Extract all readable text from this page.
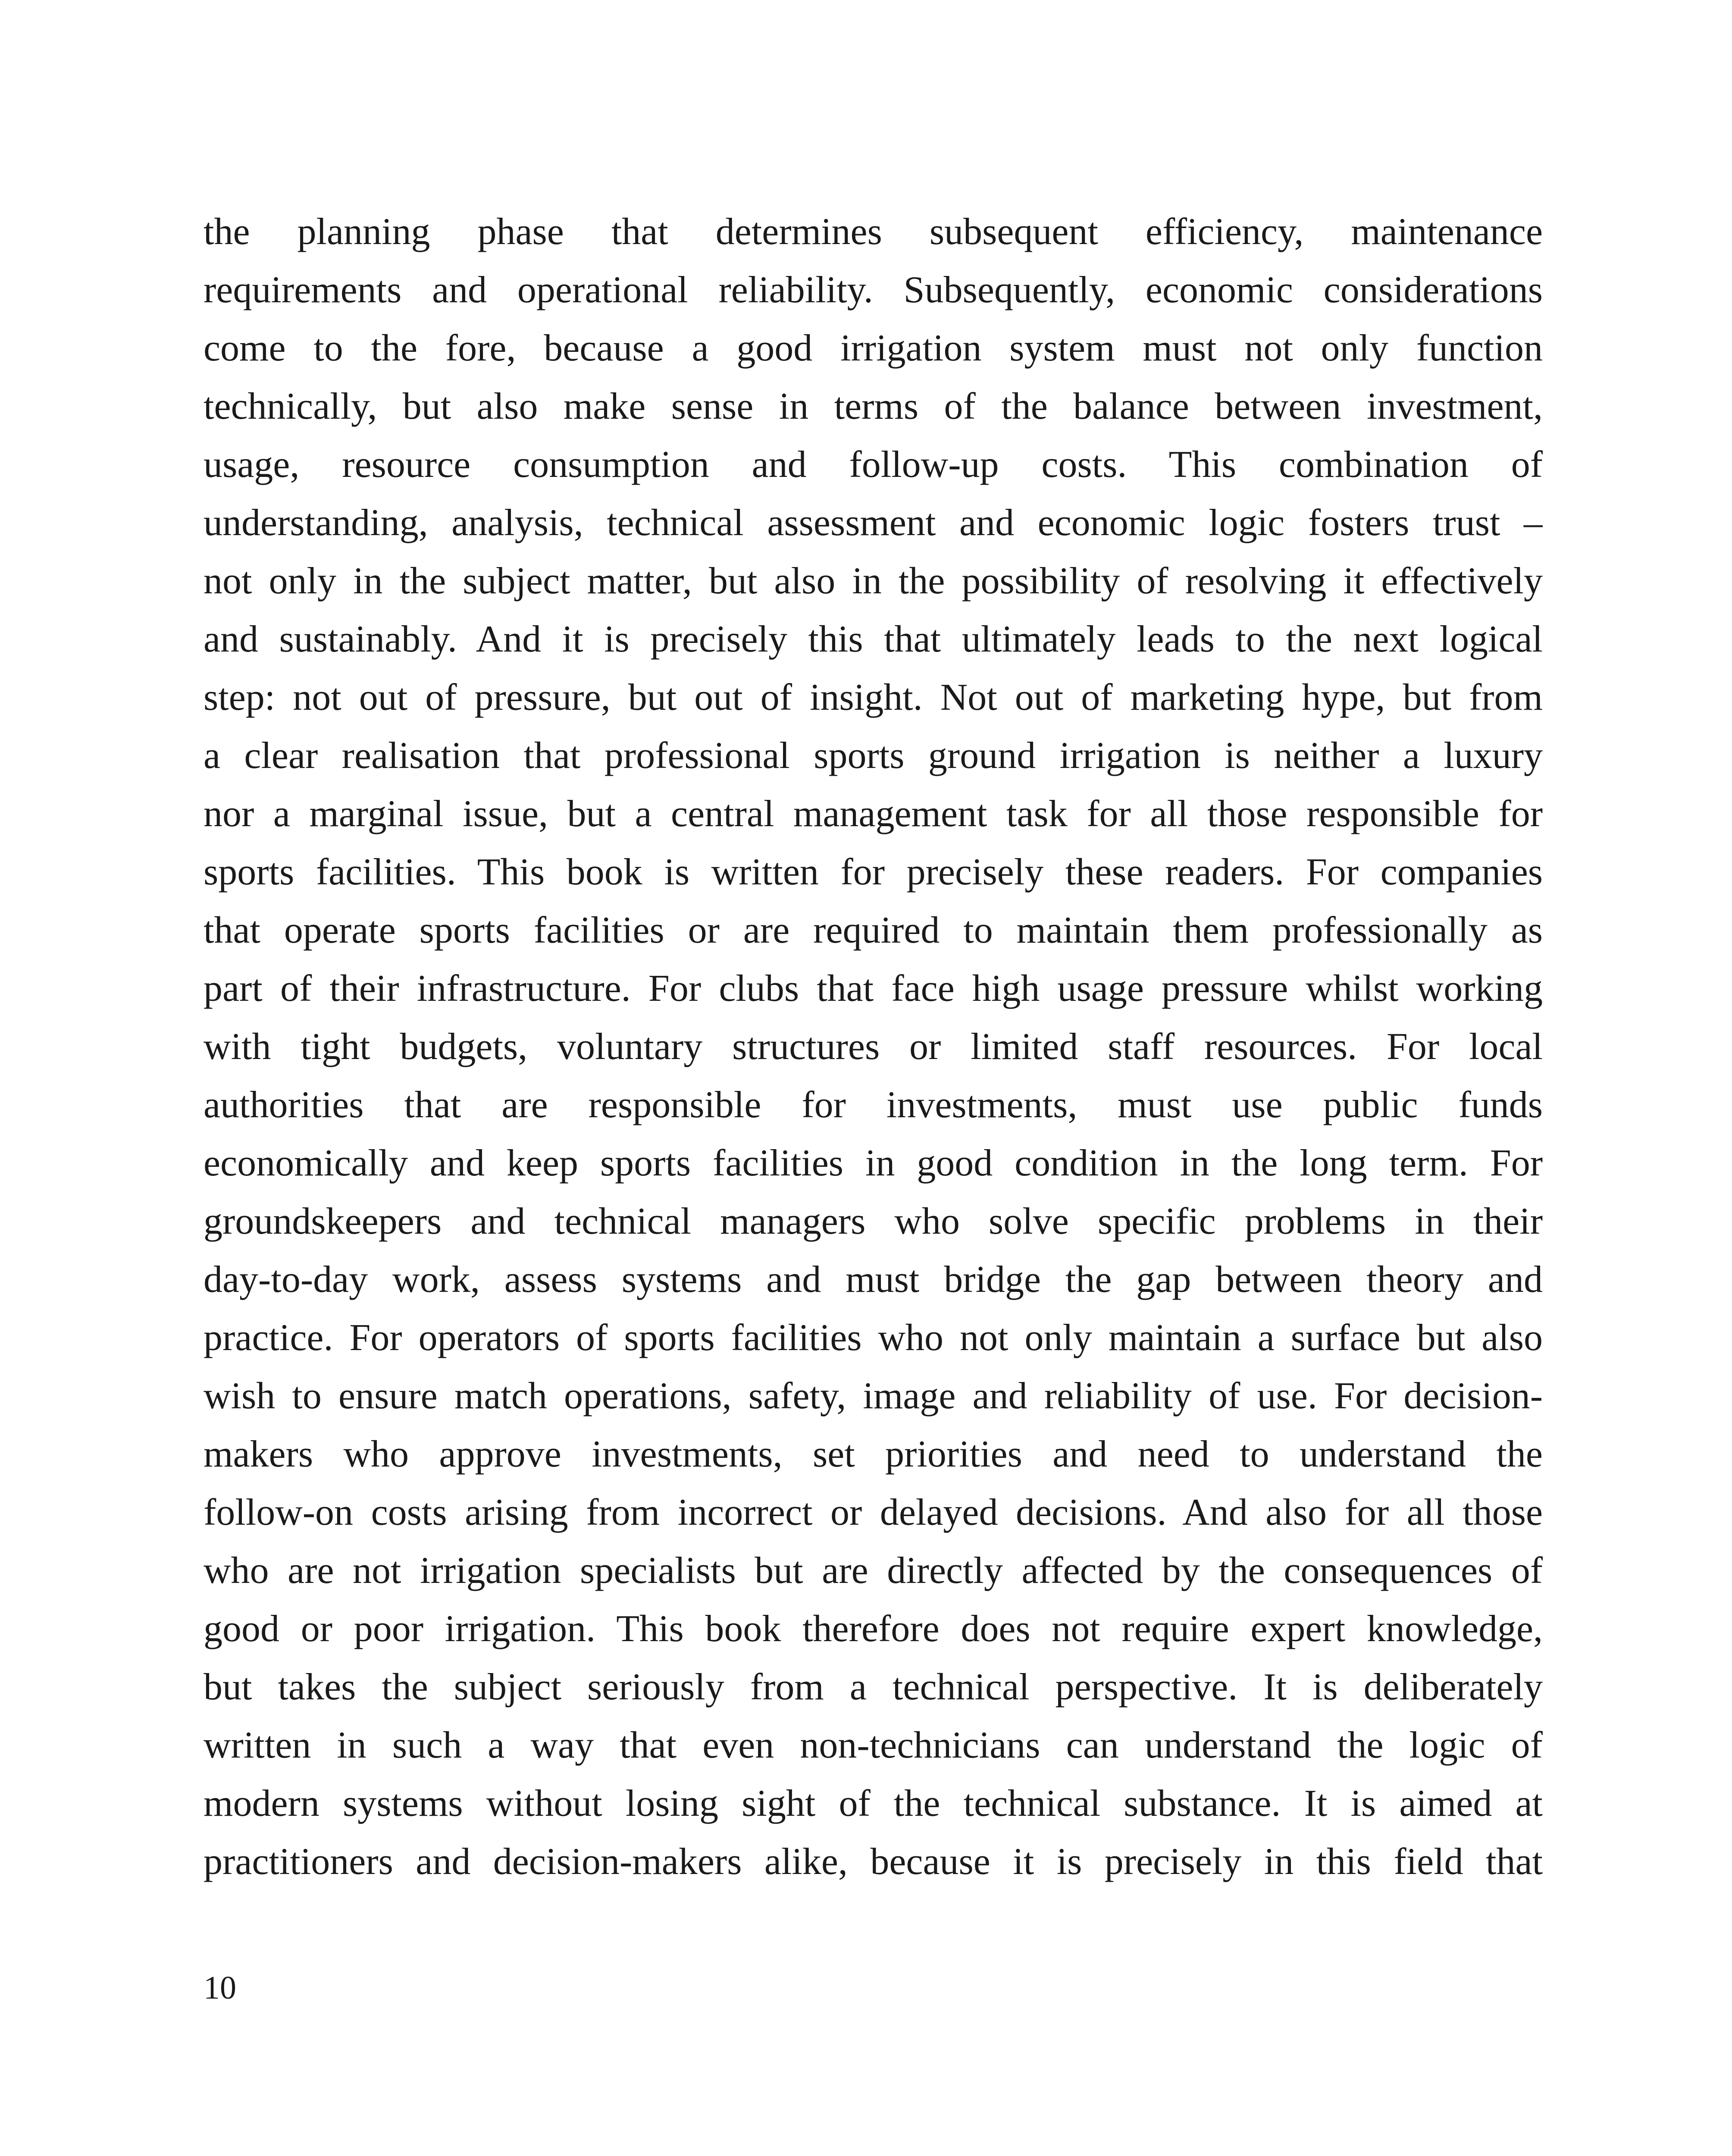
the planning phase that determines subsequent efficiency, maintenance
requirements and operational reliability. Subsequently, economic considerations
come to the fore, because a good irrigation system must not only function
technically, but also make sense in terms of the balance between investment,
usage, resource consumption and follow-up costs. This combination of
understanding, analysis, technical assessment and economic logic fosters trust –
not only in the subject matter, but also in the possibility of resolving it effectively
and sustainably. And it is precisely this that ultimately leads to the next logical
step: not out of pressure, but out of insight. Not out of marketing hype, but from
a clear realisation that professional sports ground irrigation is neither a luxury
nor a marginal issue, but a central management task for all those responsible for
sports facilities. This book is written for precisely these readers. For companies
that operate sports facilities or are required to maintain them professionally as
part of their infrastructure. For clubs that face high usage pressure whilst working
with tight budgets, voluntary structures or limited staff resources. For local
authorities that are responsible for investments, must use public funds
economically and keep sports facilities in good condition in the long term. For
groundskeepers and technical managers who solve specific problems in their
day-to-day work, assess systems and must bridge the gap between theory and
practice. For operators of sports facilities who not only maintain a surface but also
wish to ensure match operations, safety, image and reliability of use. For decision-
makers who approve investments, set priorities and need to understand the
follow-on costs arising from incorrect or delayed decisions. And also for all those
who are not irrigation specialists but are directly affected by the consequences of
good or poor irrigation. This book therefore does not require expert knowledge,
but takes the subject seriously from a technical perspective. It is deliberately
written in such a way that even non-technicians can understand the logic of
modern systems without losing sight of the technical substance. It is aimed at
practitioners and decision-makers alike, because it is precisely in this field that
10
